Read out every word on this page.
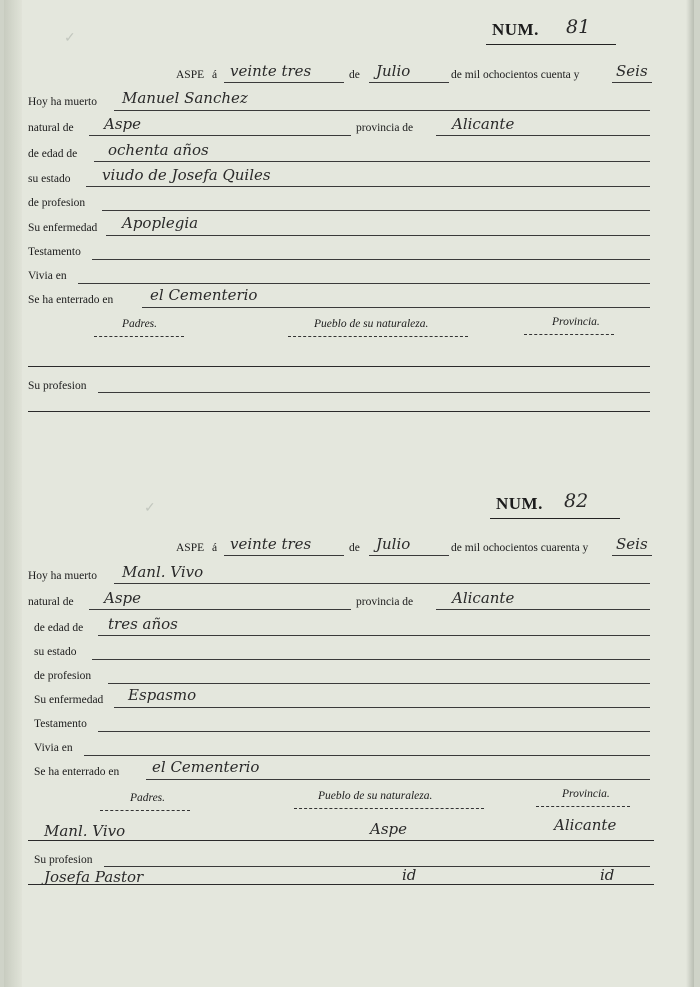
✓
✓
NUM. 81
ASPE á veinte tres	de Julio	de mil ochocientos cuenta y Seis
Hoy ha muerto Manuel Sanchez
natural de Aspe	provincia de	Alicante
de edad de ochenta años
su estado viudo de Josefa Quiles
de profesion
Su enfermedad Apoplegia
Testamento
Vivia en
Se ha enterrado en el Cementerio
Padres.	Pueblo de su naturaleza.	Provincia.
Su profesion
NUM. 82
ASPE á veinte tres	de Julio	de mil ochocientos cuarenta y Seis
Hoy ha muerto Manl. Vivo
natural de Aspe	provincia de	Alicante
de edad de tres años
su estado
de profesion
Su enfermedad Espasmo
Testamento
Vivia en
Se ha enterrado en el Cementerio
Padres.	Pueblo de su naturaleza.	Provincia.
Manl. Vivo	Aspe	Alicante
Su profesion
Josefa Pastor	id	id
